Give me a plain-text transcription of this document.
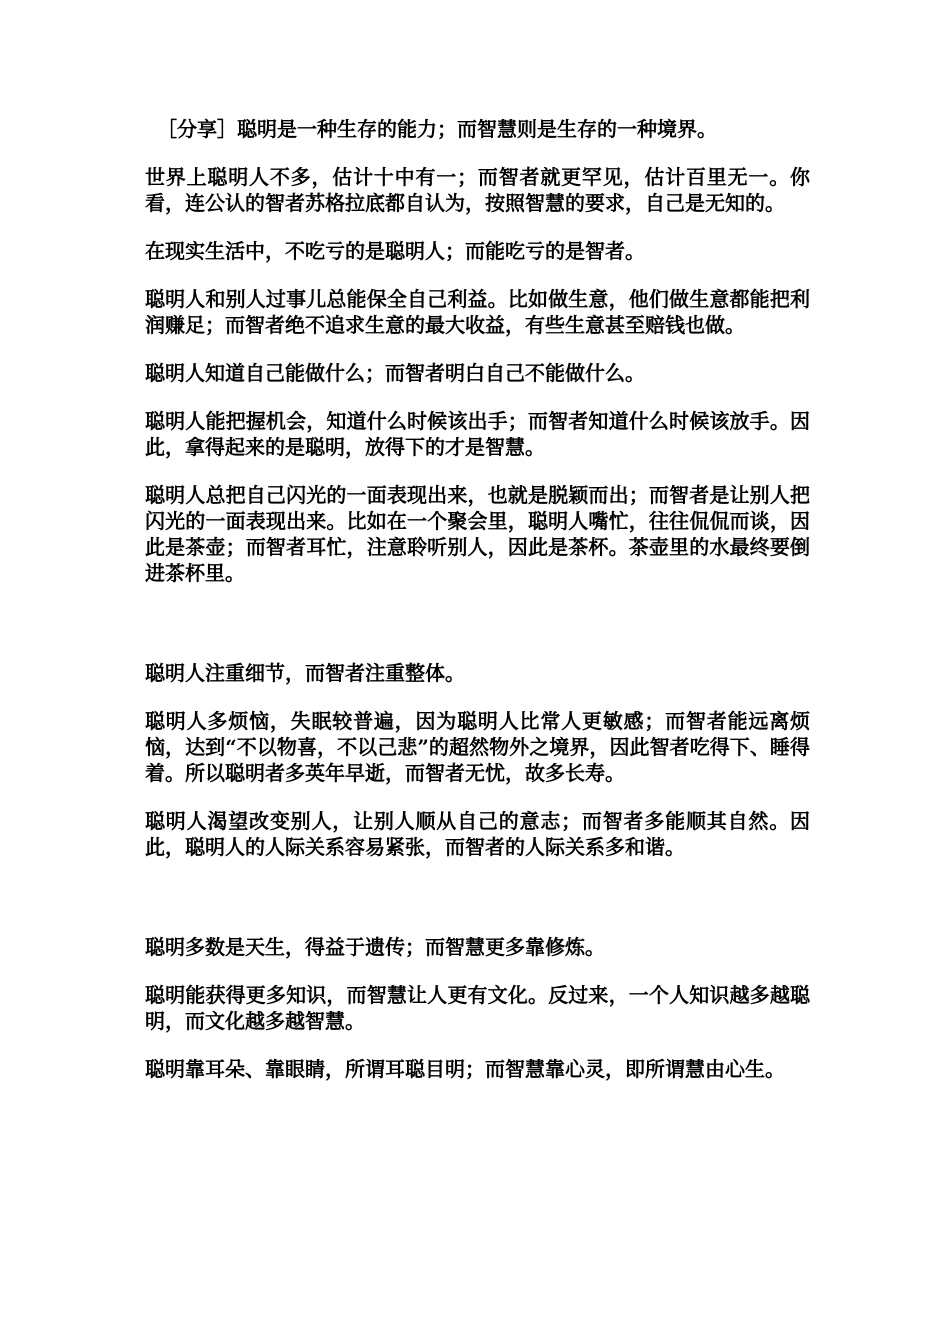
［分享］聪明是一种生存的能力；而智慧则是生存的一种境界。

世界上聪明人不多，估计十中有一；而智者就更罕见，估计百里无一。你看，连公认的智者苏格拉底都自认为，按照智慧的要求，自己是无知的。

在现实生活中，不吃亏的是聪明人；而能吃亏的是智者。

聪明人和别人过事儿总能保全自己利益。比如做生意，他们做生意都能把利润赚足；而智者绝不追求生意的最大收益，有些生意甚至赔钱也做。

聪明人知道自己能做什么；而智者明白自己不能做什么。

聪明人能把握机会，知道什么时候该出手；而智者知道什么时候该放手。因此，拿得起来的是聪明，放得下的才是智慧。

聪明人总把自己闪光的一面表现出来，也就是脱颖而出；而智者是让别人把闪光的一面表现出来。比如在一个聚会里，聪明人嘴忙，往往侃侃而谈，因此是茶壶；而智者耳忙，注意聆听别人，因此是茶杯。茶壶里的水最终要倒进茶杯里。

聪明人注重细节，而智者注重整体。

聪明人多烦恼，失眠较普遍，因为聪明人比常人更敏感；而智者能远离烦恼，达到“不以物喜，不以己悲”的超然物外之境界，因此智者吃得下、睡得着。所以聪明者多英年早逝，而智者无忧，故多长寿。

聪明人渴望改变别人，让别人顺从自己的意志；而智者多能顺其自然。因此，聪明人的人际关系容易紧张，而智者的人际关系多和谐。

聪明多数是天生，得益于遗传；而智慧更多靠修炼。

聪明能获得更多知识，而智慧让人更有文化。反过来，一个人知识越多越聪明，而文化越多越智慧。

聪明靠耳朵、靠眼睛，所谓耳聪目明；而智慧靠心灵，即所谓慧由心生。
